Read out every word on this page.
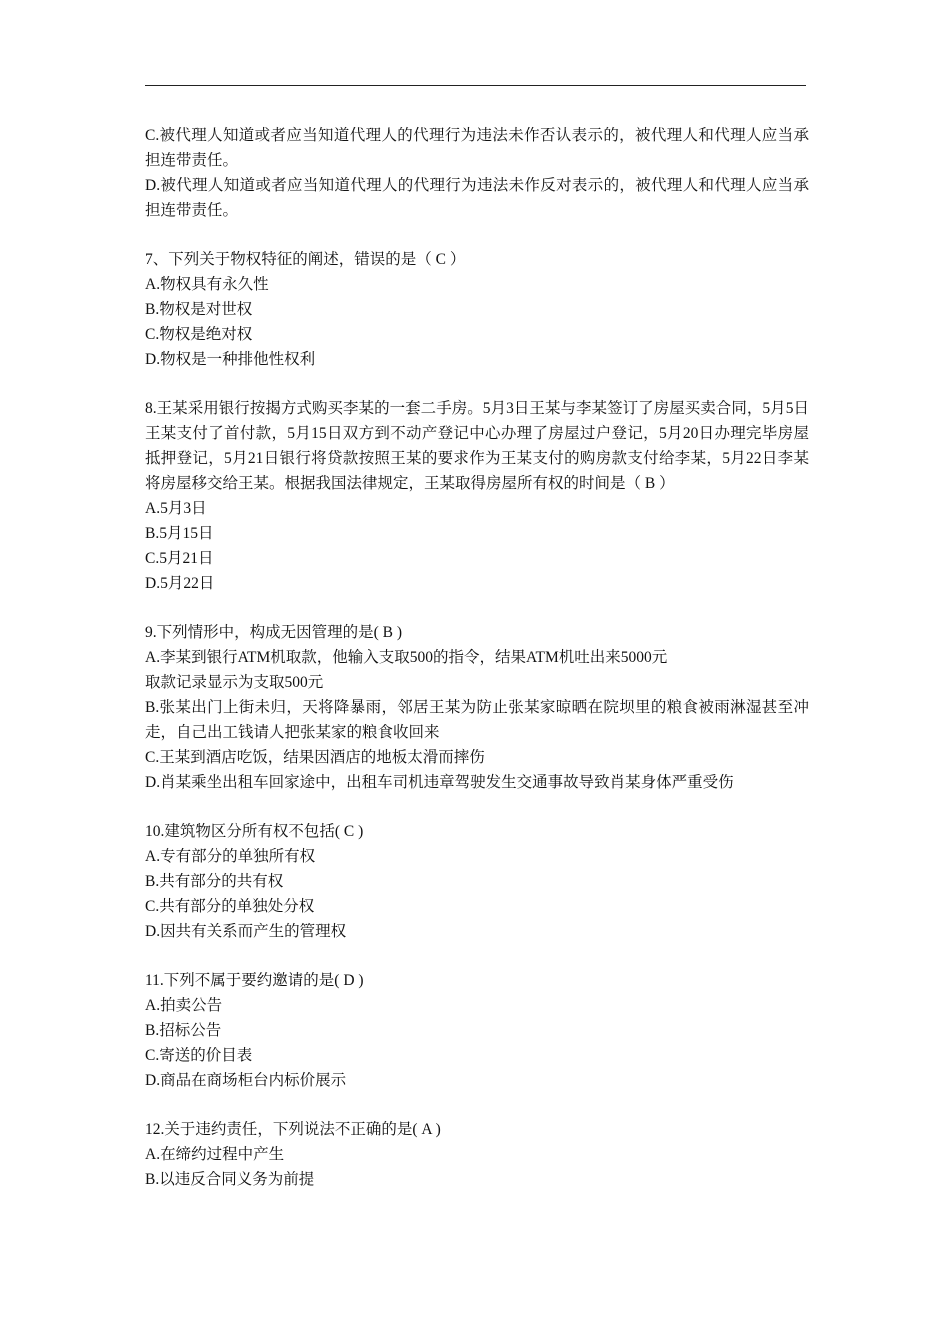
C.被代理人知道或者应当知道代理人的代理行为违法未作否认表示的，被代理人和代理人应当承担连带责任。

D.被代理人知道或者应当知道代理人的代理行为违法未作反对表示的，被代理人和代理人应当承担连带责任。

7、下列关于物权特征的阐述，错误的是（ C ）

A.物权具有永久性

B.物权是对世权

C.物权是绝对权

D.物权是一种排他性权利

8.王某采用银行按揭方式购买李某的一套二手房。5月3日王某与李某签订了房屋买卖合同，5月5日王某支付了首付款，5月15日双方到不动产登记中心办理了房屋过户登记，5月20日办理完毕房屋抵押登记，5月21日银行将贷款按照王某的要求作为王某支付的购房款支付给李某，5月22日李某将房屋移交给王某。根据我国法律规定，王某取得房屋所有权的时间是（ B ）

A.5月3日

B.5月15日

C.5月21日

D.5月22日

9.下列情形中，构成无因管理的是( B )

A.李某到银行ATM机取款，他输入支取500的指令，结果ATM机吐出来5000元

取款记录显示为支取500元

B.张某出门上街未归，天将降暴雨，邻居王某为防止张某家晾晒在院坝里的粮食被雨淋湿甚至冲走，自己出工钱请人把张某家的粮食收回来

C.王某到酒店吃饭，结果因酒店的地板太滑而摔伤

D.肖某乘坐出租车回家途中，出租车司机违章驾驶发生交通事故导致肖某身体严重受伤

10.建筑物区分所有权不包括( C )

A.专有部分的单独所有权

B.共有部分的共有权

C.共有部分的单独处分权

D.因共有关系而产生的管理权

11.下列不属于要约邀请的是( D )

A.拍卖公告

B.招标公告

C.寄送的价目表

D.商品在商场柜台内标价展示

12.关于违约责任，下列说法不正确的是( A )

A.在缔约过程中产生

B.以违反合同义务为前提
